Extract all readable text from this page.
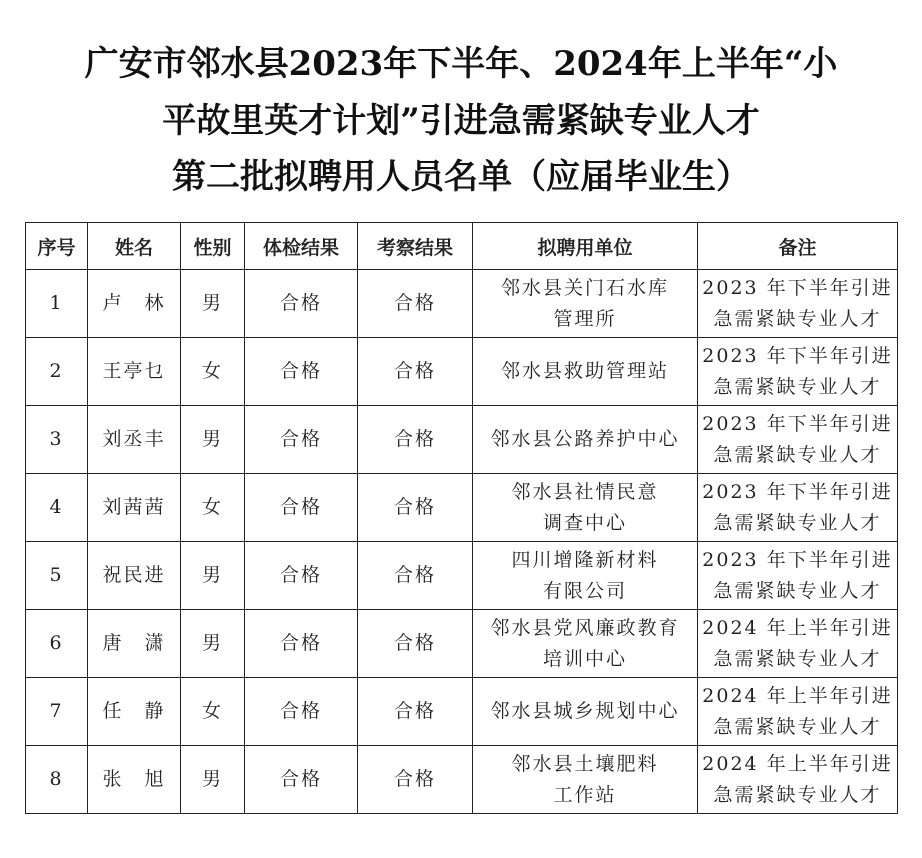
广安市邻水县2023年下半年、2024年上半年“小
平故里英才计划”引进急需紧缺专业人才
第二批拟聘用人员名单（应届毕业生）
序号	姓名	性别	体检结果	考察结果	拟聘用单位	备注
1	卢　林	男	合格	合格	邻水县关门石水库
管理所	2023 年下半年引进
急需紧缺专业人才
2	王亭乜	女	合格	合格	邻水县救助管理站	2023 年下半年引进
急需紧缺专业人才
3	刘丞丰	男	合格	合格	邻水县公路养护中心	2023 年下半年引进
急需紧缺专业人才
4	刘茜茜	女	合格	合格	邻水县社情民意
调查中心	2023 年下半年引进
急需紧缺专业人才
5	祝民进	男	合格	合格	四川增隆新材料
有限公司	2023 年下半年引进
急需紧缺专业人才
6	唐　潇	男	合格	合格	邻水县党风廉政教育
培训中心	2024 年上半年引进
急需紧缺专业人才
7	任　静	女	合格	合格	邻水县城乡规划中心	2024 年上半年引进
急需紧缺专业人才
8	张　旭	男	合格	合格	邻水县土壤肥料
工作站	2024 年上半年引进
急需紧缺专业人才
